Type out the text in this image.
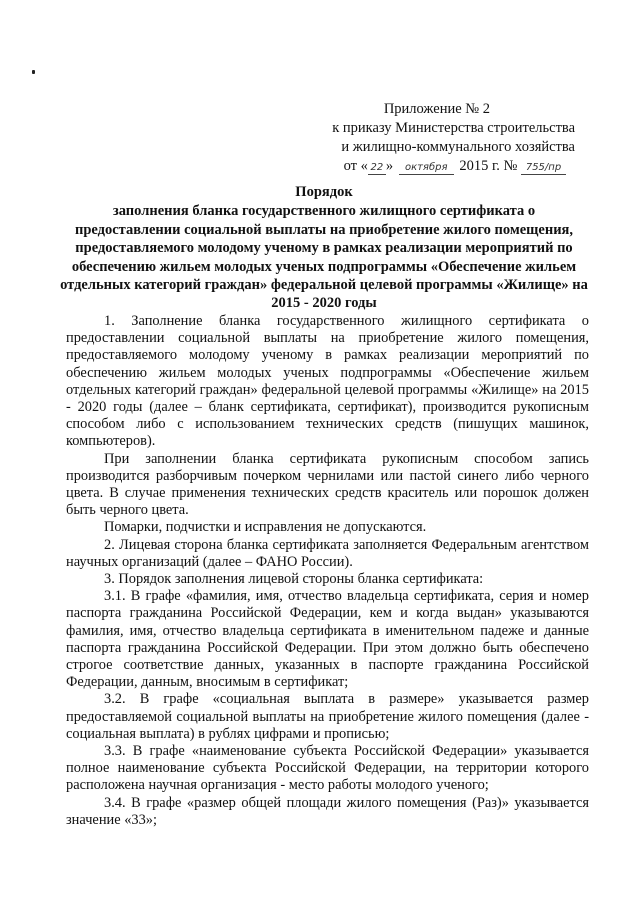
Приложение № 2
к приказу Министерства строительства
и жилищно-коммунального хозяйства
от « 22 » октября 2015 г. № 755/пр
Порядок
заполнения бланка государственного жилищного сертификата о предоставлении социальной выплаты на приобретение жилого помещения, предоставляемого молодому ученому в рамках реализации мероприятий по обеспечению жильем молодых ученых подпрограммы «Обеспечение жильем отдельных категорий граждан» федеральной целевой программы «Жилище» на 2015 - 2020 годы

1. Заполнение бланка государственного жилищного сертификата о предоставлении социальной выплаты на приобретение жилого помещения, предоставляемого молодому ученому в рамках реализации мероприятий по обеспечению жильем молодых ученых подпрограммы «Обеспечение жильем отдельных категорий граждан» федеральной целевой программы «Жилище» на 2015 - 2020 годы (далее – бланк сертификата, сертификат), производится рукописным способом либо с использованием технических средств (пишущих машинок, компьютеров).

При заполнении бланка сертификата рукописным способом запись производится разборчивым почерком чернилами или пастой синего либо черного цвета. В случае применения технических средств краситель или порошок должен быть черного цвета.

Помарки, подчистки и исправления не допускаются.

2. Лицевая сторона бланка сертификата заполняется Федеральным агентством научных организаций (далее – ФАНО России).

3. Порядок заполнения лицевой стороны бланка сертификата:

3.1. В графе «фамилия, имя, отчество владельца сертификата, серия и номер паспорта гражданина Российской Федерации, кем и когда выдан» указываются фамилия, имя, отчество владельца сертификата в именительном падеже и данные паспорта гражданина Российской Федерации. При этом должно быть обеспечено строгое соответствие данных, указанных в паспорте гражданина Российской Федерации, данным, вносимым в сертификат;

3.2. В графе «социальная выплата в размере» указывается размер предоставляемой социальной выплаты на приобретение жилого помещения (далее - социальная выплата) в рублях цифрами и прописью;

3.3. В графе «наименование субъекта Российской Федерации» указывается полное наименование субъекта Российской Федерации, на территории которого расположена научная организация - место работы молодого ученого;

3.4. В графе «размер общей площади жилого помещения (Раз)» указывается значение «33»;
